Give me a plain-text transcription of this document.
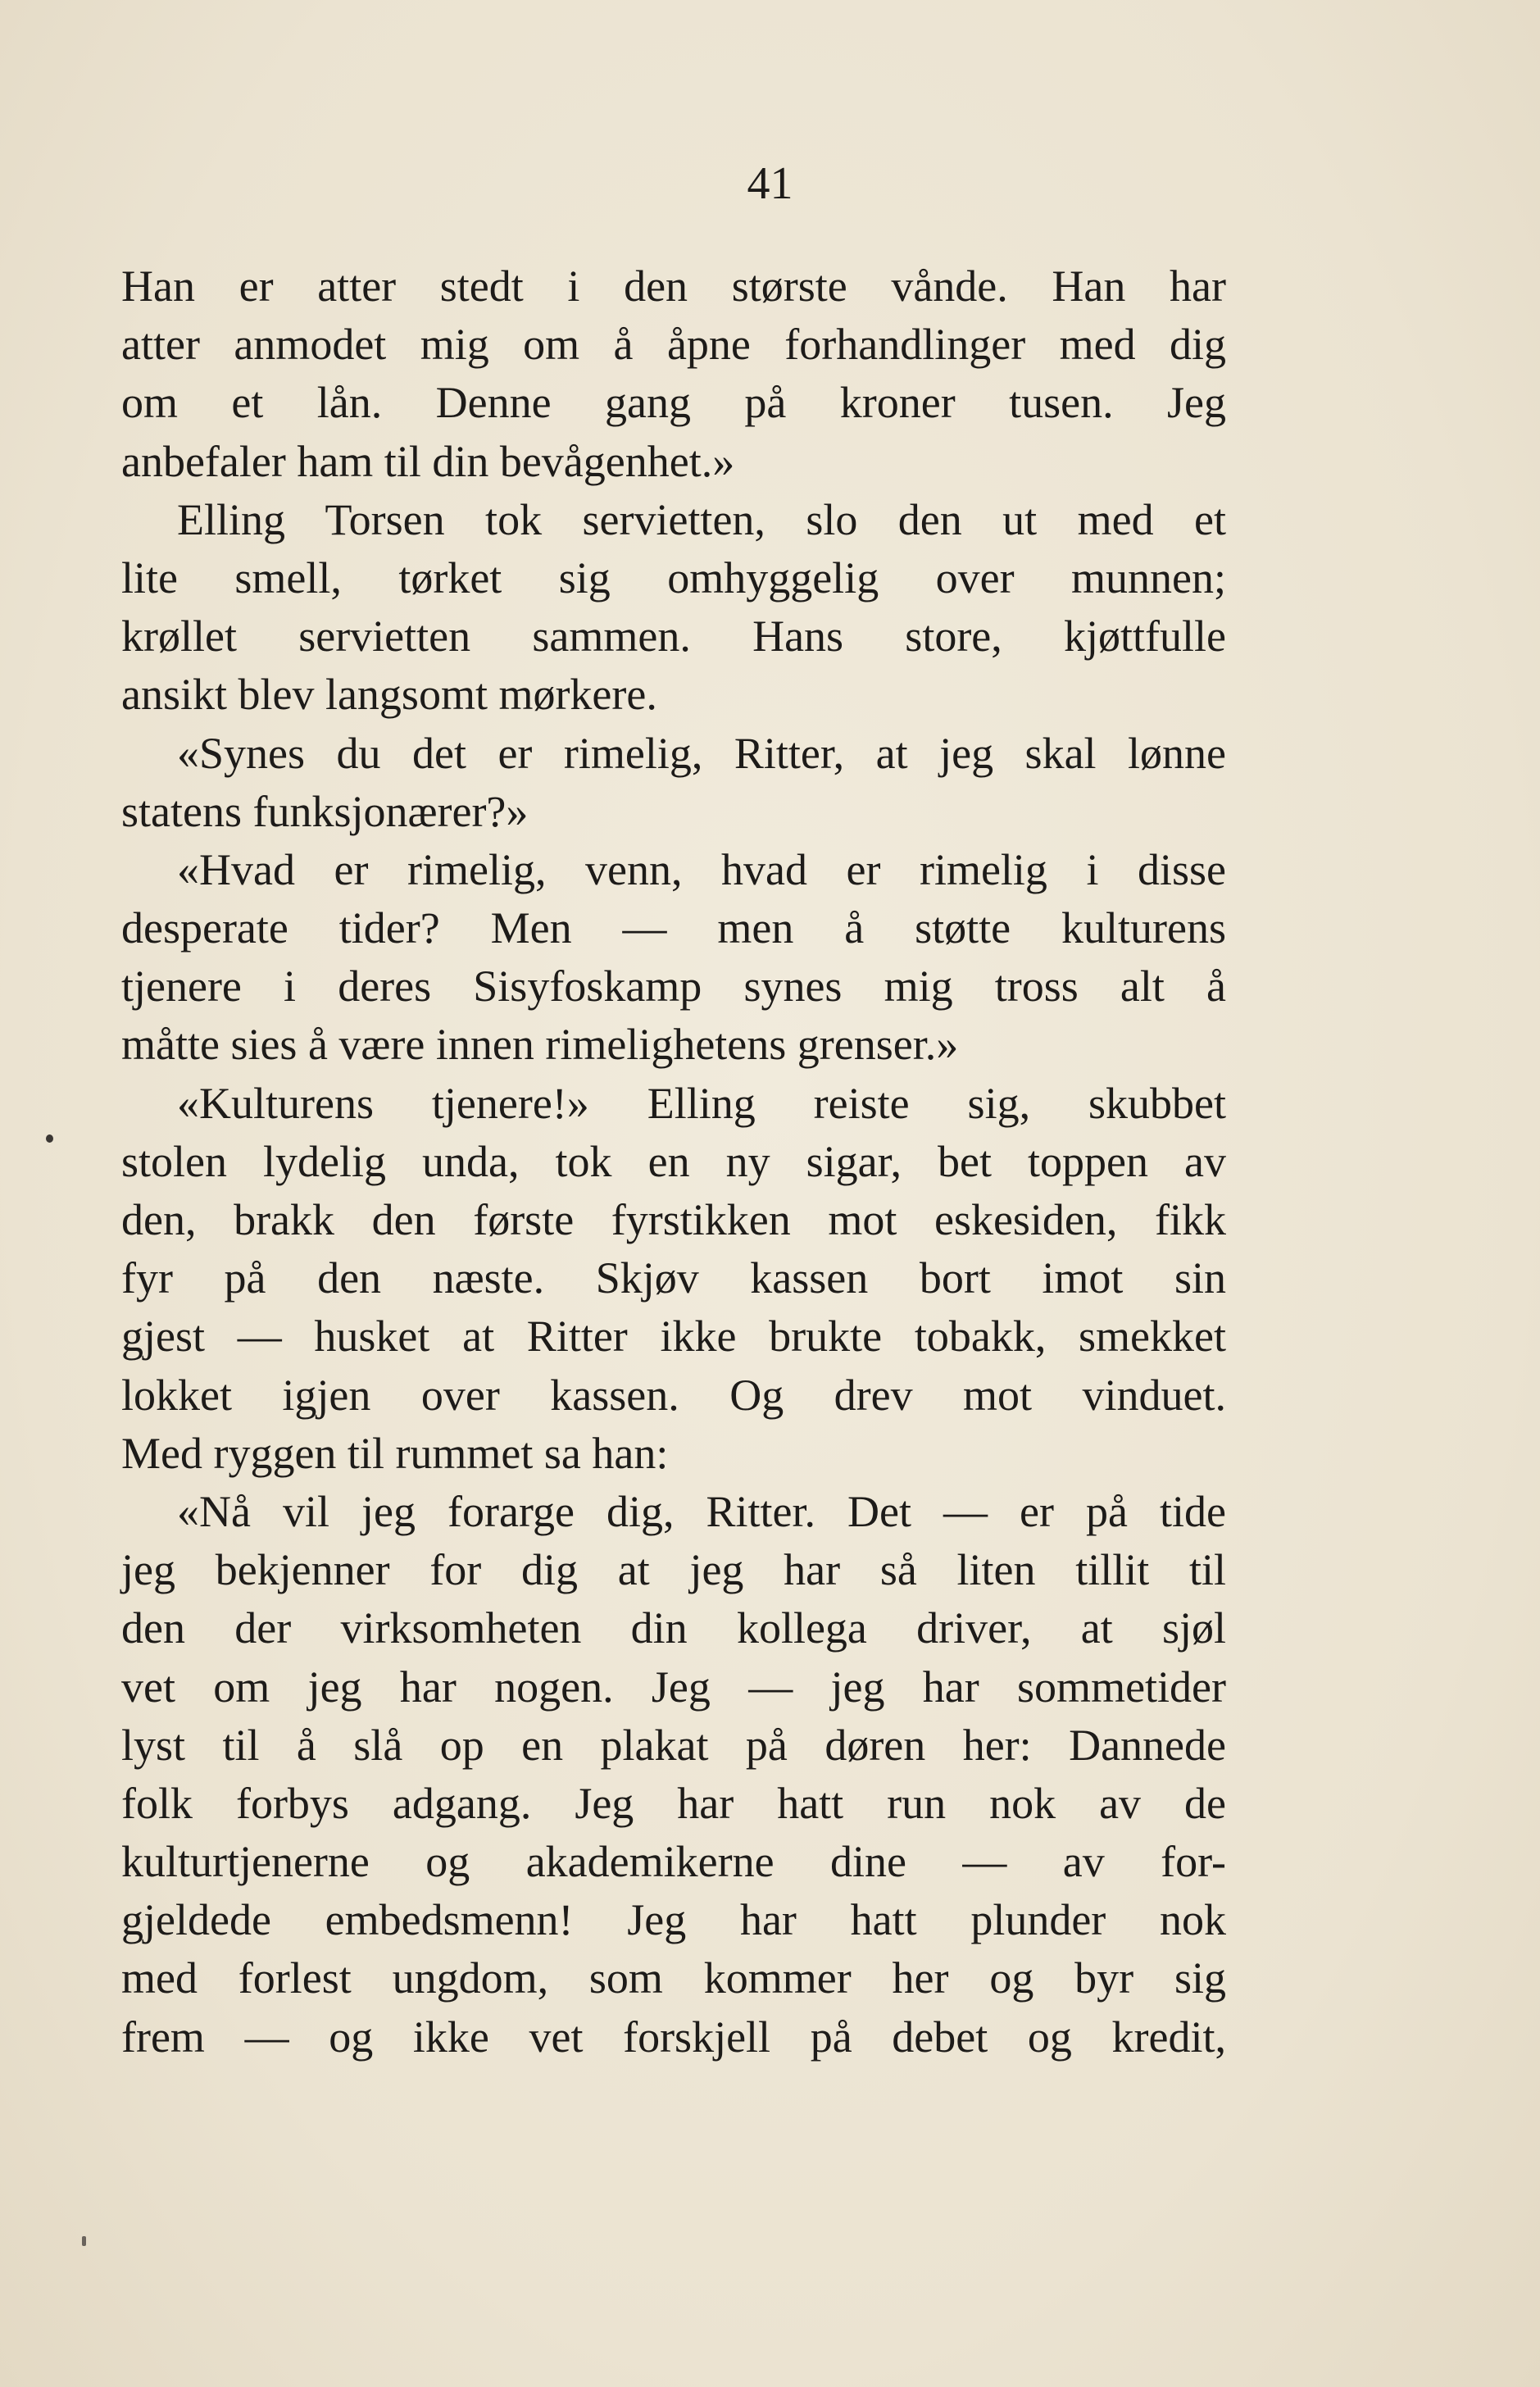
41
Han er atter stedt i den største vånde. Han har
atter anmodet mig om å åpne forhandlinger med dig
om et lån. Denne gang på kroner tusen. Jeg
anbefaler ham til din bevågenhet.»
Elling Torsen tok servietten, slo den ut med et
lite smell, tørket sig omhyggelig over munnen;
krøllet servietten sammen. Hans store, kjøttfulle
ansikt blev langsomt mørkere.
«Synes du det er rimelig, Ritter, at jeg skal lønne
statens funksjonærer?»
«Hvad er rimelig, venn, hvad er rimelig i disse
desperate tider? Men — men å støtte kulturens
tjenere i deres Sisyfoskamp synes mig tross alt å
måtte sies å være innen rimelighetens grenser.»
«Kulturens tjenere!» Elling reiste sig, skubbet
stolen lydelig unda, tok en ny sigar, bet toppen av
den, brakk den første fyrstikken mot eskesiden, fikk
fyr på den næste. Skjøv kassen bort imot sin
gjest — husket at Ritter ikke brukte tobakk, smekket
lokket igjen over kassen. Og drev mot vinduet.
Med ryggen til rummet sa han:
«Nå vil jeg forarge dig, Ritter. Det — er på tide
jeg bekjenner for dig at jeg har så liten tillit til
den der virksomheten din kollega driver, at sjøl
vet om jeg har nogen. Jeg — jeg har sommetider
lyst til å slå op en plakat på døren her: Dannede
folk forbys adgang. Jeg har hatt run nok av de
kulturtjenerne og akademikerne dine — av for-
gjeldede embedsmenn! Jeg har hatt plunder nok
med forlest ungdom, som kommer her og byr sig
frem — og ikke vet forskjell på debet og kredit,
